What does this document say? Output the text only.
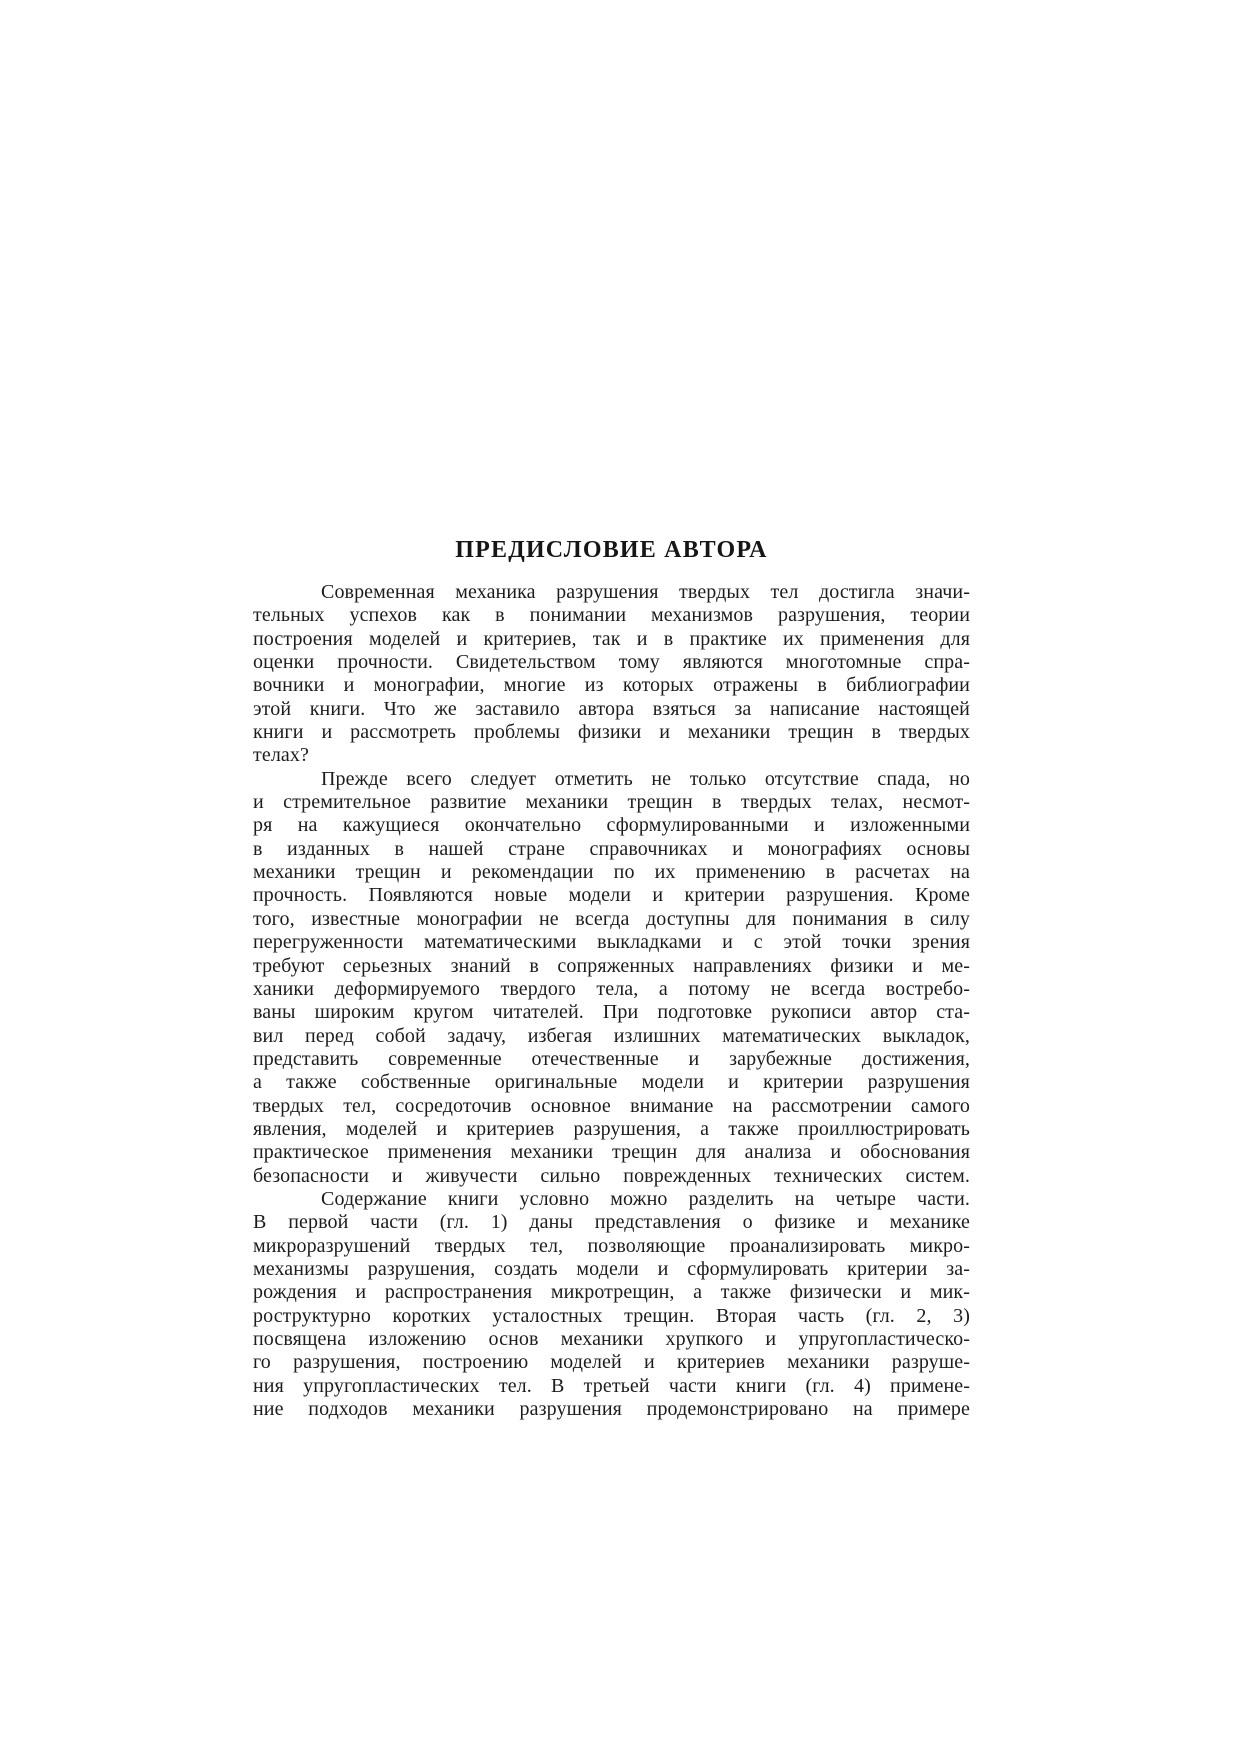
ПРЕДИСЛОВИЕ АВТОРА
Современная механика разрушения твердых тел достигла значи-
тельных успехов как в понимании механизмов разрушения, теории
построения моделей и критериев, так и в практике их применения для
оценки прочности. Свидетельством тому являются многотомные спра-
вочники и монографии, многие из которых отражены в библиографии
этой книги. Что же заставило автора взяться за написание настоящей
книги и рассмотреть проблемы физики и механики трещин в твердых
телах?
Прежде всего следует отметить не только отсутствие спада, но
и стремительное развитие механики трещин в твердых телах, несмот-
ря на кажущиеся окончательно сформулированными и изложенными
в изданных в нашей стране справочниках и монографиях основы
механики трещин и рекомендации по их применению в расчетах на
прочность. Появляются новые модели и критерии разрушения. Кроме
того, известные монографии не всегда доступны для понимания в силу
перегруженности математическими выкладками и с этой точки зрения
требуют серьезных знаний в сопряженных направлениях физики и ме-
ханики деформируемого твердого тела, а потому не всегда востребо-
ваны широким кругом читателей. При подготовке рукописи автор ста-
вил перед собой задачу, избегая излишних математических выкладок,
представить современные отечественные и зарубежные достижения,
а также собственные оригинальные модели и критерии разрушения
твердых тел, сосредоточив основное внимание на рассмотрении самого
явления, моделей и критериев разрушения, а также проиллюстрировать
практическое применения механики трещин для анализа и обоснования
безопасности и живучести сильно поврежденных технических систем.
Содержание книги условно можно разделить на четыре части.
В первой части (гл. 1) даны представления о физике и механике
микроразрушений твердых тел, позволяющие проанализировать микро-
механизмы разрушения, создать модели и сформулировать критерии за-
рождения и распространения микротрещин, а также физически и мик-
роструктурно коротких усталостных трещин. Вторая часть (гл. 2, 3)
посвящена изложению основ механики хрупкого и упругопластическо-
го разрушения, построению моделей и критериев механики разруше-
ния упругопластических тел. В третьей части книги (гл. 4) примене-
ние подходов механики разрушения продемонстрировано на примере
